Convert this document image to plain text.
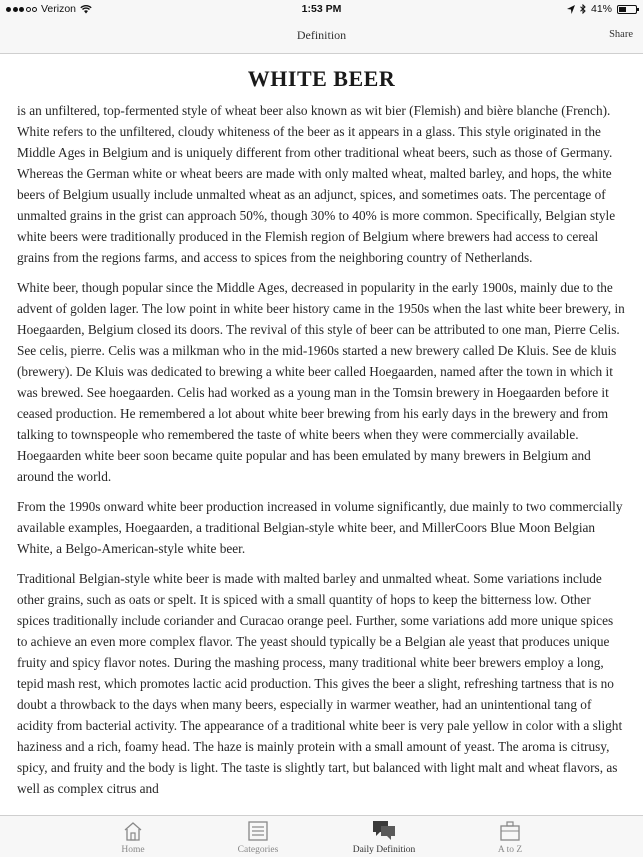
Verizon	1:53 PM	41%
Definition	Share
WHITE BEER

is an unfiltered, top-fermented style of wheat beer also known as wit bier (Flemish) and bière blanche (French). White refers to the unfiltered, cloudy whiteness of the beer as it appears in a glass. This style originated in the Middle Ages in Belgium and is uniquely different from other traditional wheat beers, such as those of Germany. Whereas the German white or wheat beers are made with only malted wheat, malted barley, and hops, the white beers of Belgium usually include unmalted wheat as an adjunct, spices, and sometimes oats. The percentage of unmalted grains in the grist can approach 50%, though 30% to 40% is more common. Specifically, Belgian style white beers were traditionally produced in the Flemish region of Belgium where brewers had access to cereal grains from the regions farms, and access to spices from the neighboring country of Netherlands.

White beer, though popular since the Middle Ages, decreased in popularity in the early 1900s, mainly due to the advent of golden lager. The low point in white beer history came in the 1950s when the last white beer brewery, in Hoegaarden, Belgium closed its doors. The revival of this style of beer can be attributed to one man, Pierre Celis. See celis, pierre. Celis was a milkman who in the mid-1960s started a new brewery called De Kluis. See de kluis (brewery). De Kluis was dedicated to brewing a white beer called Hoegaarden, named after the town in which it was brewed. See hoegaarden. Celis had worked as a young man in the Tomsin brewery in Hoegaarden before it ceased production. He remembered a lot about white beer brewing from his early days in the brewery and from talking to townspeople who remembered the taste of white beers when they were commercially available. Hoegaarden white beer soon became quite popular and has been emulated by many brewers in Belgium and around the world.

From the 1990s onward white beer production increased in volume significantly, due mainly to two commercially available examples, Hoegaarden, a traditional Belgian-style white beer, and MillerCoors Blue Moon Belgian White, a Belgo-American-style white beer.

Traditional Belgian-style white beer is made with malted barley and unmalted wheat. Some variations include other grains, such as oats or spelt. It is spiced with a small quantity of hops to keep the bitterness low. Other spices traditionally include coriander and Curacao orange peel. Further, some variations add more unique spices to achieve an even more complex flavor. The yeast should typically be a Belgian ale yeast that produces unique fruity and spicy flavor notes. During the mashing process, many traditional white beer brewers employ a long, tepid mash rest, which promotes lactic acid production. This gives the beer a slight, refreshing tartness that is no doubt a throwback to the days when many beers, especially in warmer weather, had an unintentional tang of acidity from bacterial activity. The appearance of a traditional white beer is very pale yellow in color with a slight haziness and a rich, foamy head. The haze is mainly protein with a small amount of yeast. The aroma is citrusy, spicy, and fruity and the body is light. The taste is slightly tart, but balanced with light malt and wheat flavors, as well as complex citrus and

Home	Categories	Daily Definition	A to Z
